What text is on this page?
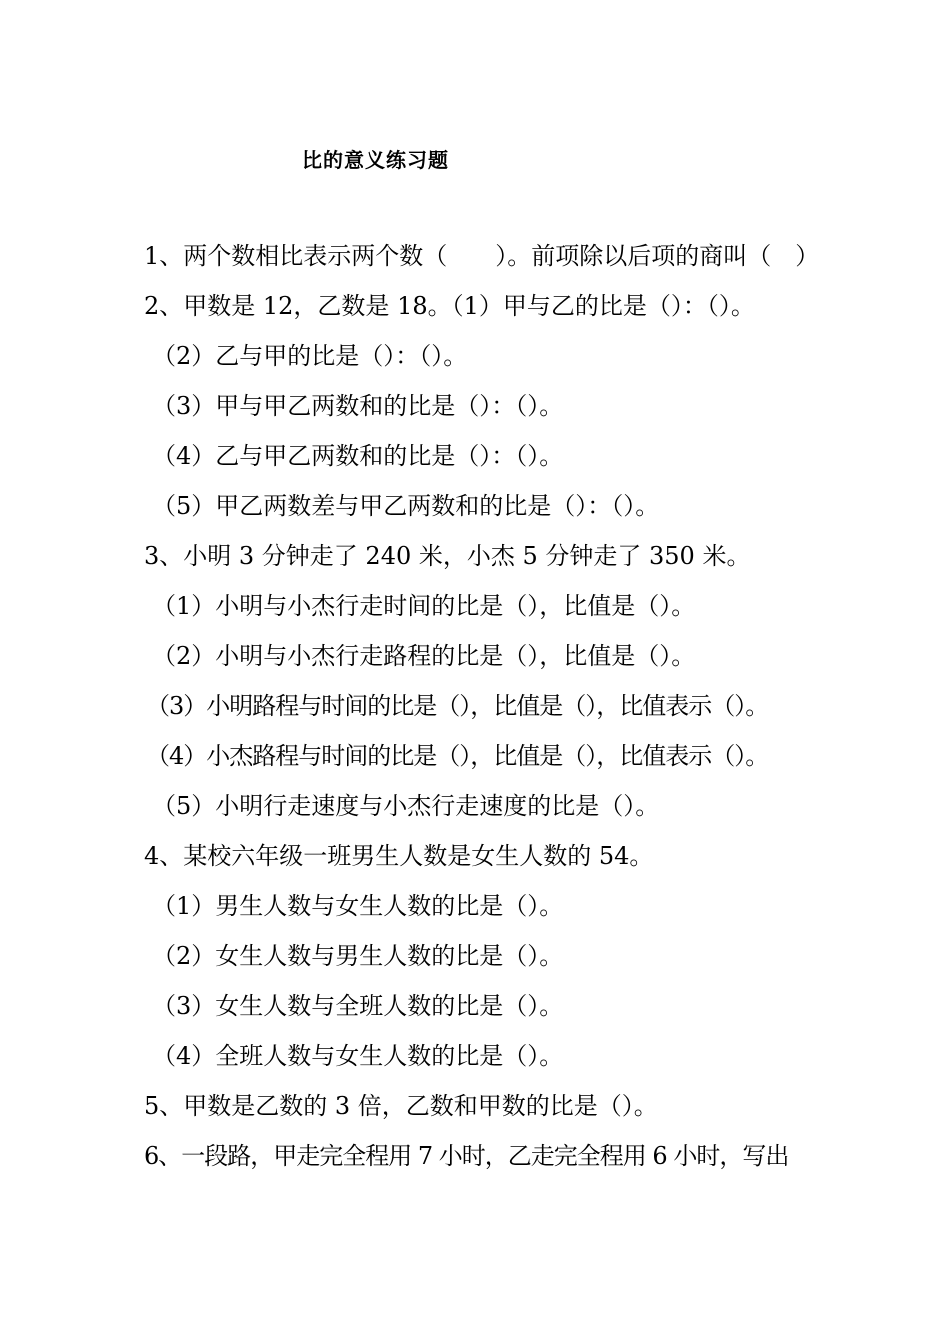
比的意义练习题
1、两个数相比表示两个数（　　）。前项除以后项的商叫（　）
2、甲数是 12，乙数是 18。（1）甲与乙的比是（）：（）。
（2）乙与甲的比是（）：（）。
（3）甲与甲乙两数和的比是（）：（）。
（4）乙与甲乙两数和的比是（）：（）。
（5）甲乙两数差与甲乙两数和的比是（）：（）。
3、小明 3 分钟走了 240 米，小杰 5 分钟走了 350 米。
（1）小明与小杰行走时间的比是（），比值是（）。
（2）小明与小杰行走路程的比是（），比值是（）。
（3）小明路程与时间的比是（），比值是（），比值表示（）。
（4）小杰路程与时间的比是（），比值是（），比值表示（）。
（5）小明行走速度与小杰行走速度的比是（）。
4、某校六年级一班男生人数是女生人数的 54。
（1）男生人数与女生人数的比是（）。
（2）女生人数与男生人数的比是（）。
（3）女生人数与全班人数的比是（）。
（4）全班人数与女生人数的比是（）。
5、甲数是乙数的 3 倍，乙数和甲数的比是（）。
6、一段路，甲走完全程用 7 小时，乙走完全程用 6 小时，写出
